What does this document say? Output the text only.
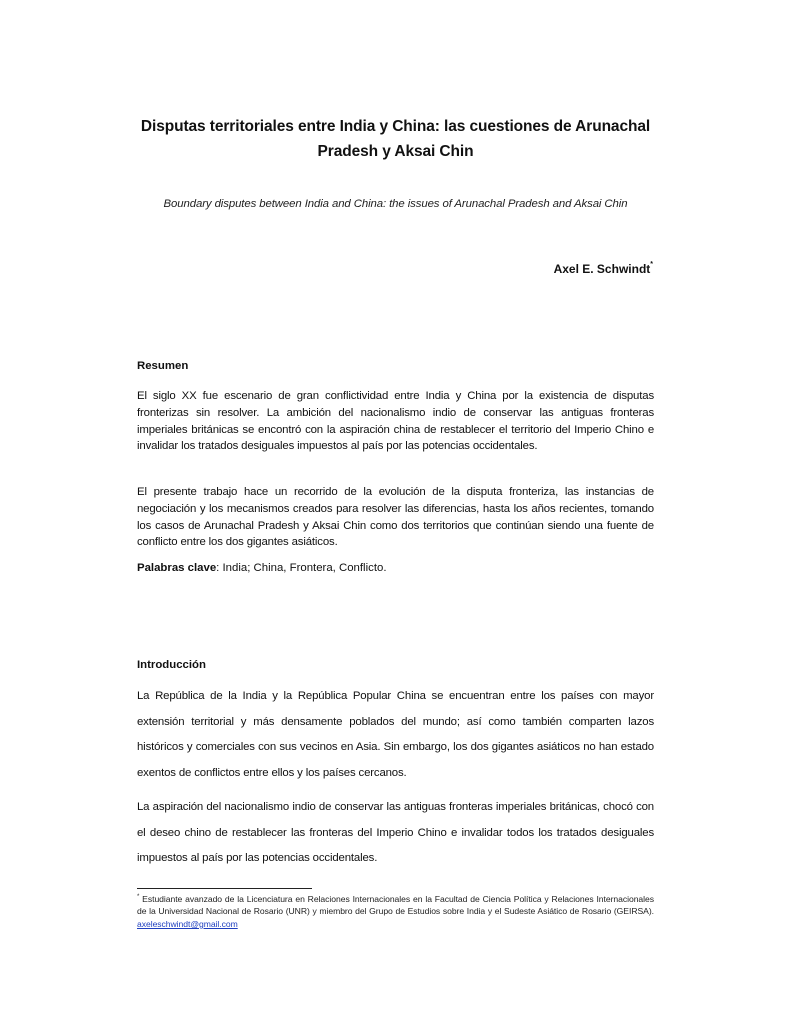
Disputas territoriales entre India y China: las cuestiones de Arunachal
Pradesh y Aksai Chin
Boundary disputes between India and China: the issues of Arunachal Pradesh and Aksai Chin
Axel E. Schwindt*
Resumen
El siglo XX fue escenario de gran conflictividad entre India y China por la existencia de disputas fronterizas sin resolver. La ambición del nacionalismo indio de conservar las antiguas fronteras imperiales británicas se encontró con la aspiración china de restablecer el territorio del Imperio Chino e invalidar los tratados desiguales impuestos al país por las potencias occidentales.
El presente trabajo hace un recorrido de la evolución de la disputa fronteriza, las instancias de negociación y los mecanismos creados para resolver las diferencias, hasta los años recientes, tomando los casos de Arunachal Pradesh y Aksai Chin como dos territorios que continúan siendo una fuente de conflicto entre los dos gigantes asiáticos.
Palabras clave: India; China, Frontera, Conflicto.
Introducción
La República de la India y la República Popular China se encuentran entre los países con mayor extensión territorial y más densamente poblados del mundo; así como también comparten lazos históricos y comerciales con sus vecinos en Asia. Sin embargo, los dos gigantes asiáticos no han estado exentos de conflictos entre ellos y los países cercanos.
La aspiración del nacionalismo indio de conservar las antiguas fronteras imperiales británicas, chocó con el deseo chino de restablecer las fronteras del Imperio Chino e invalidar todos los tratados desiguales impuestos al país por las potencias occidentales.
* Estudiante avanzado de la Licenciatura en Relaciones Internacionales en la Facultad de Ciencia Política y Relaciones Internacionales de la Universidad Nacional de Rosario (UNR) y miembro del Grupo de Estudios sobre India y el Sudeste Asiático de Rosario (GEIRSA). axeleschwindt@gmail.com
